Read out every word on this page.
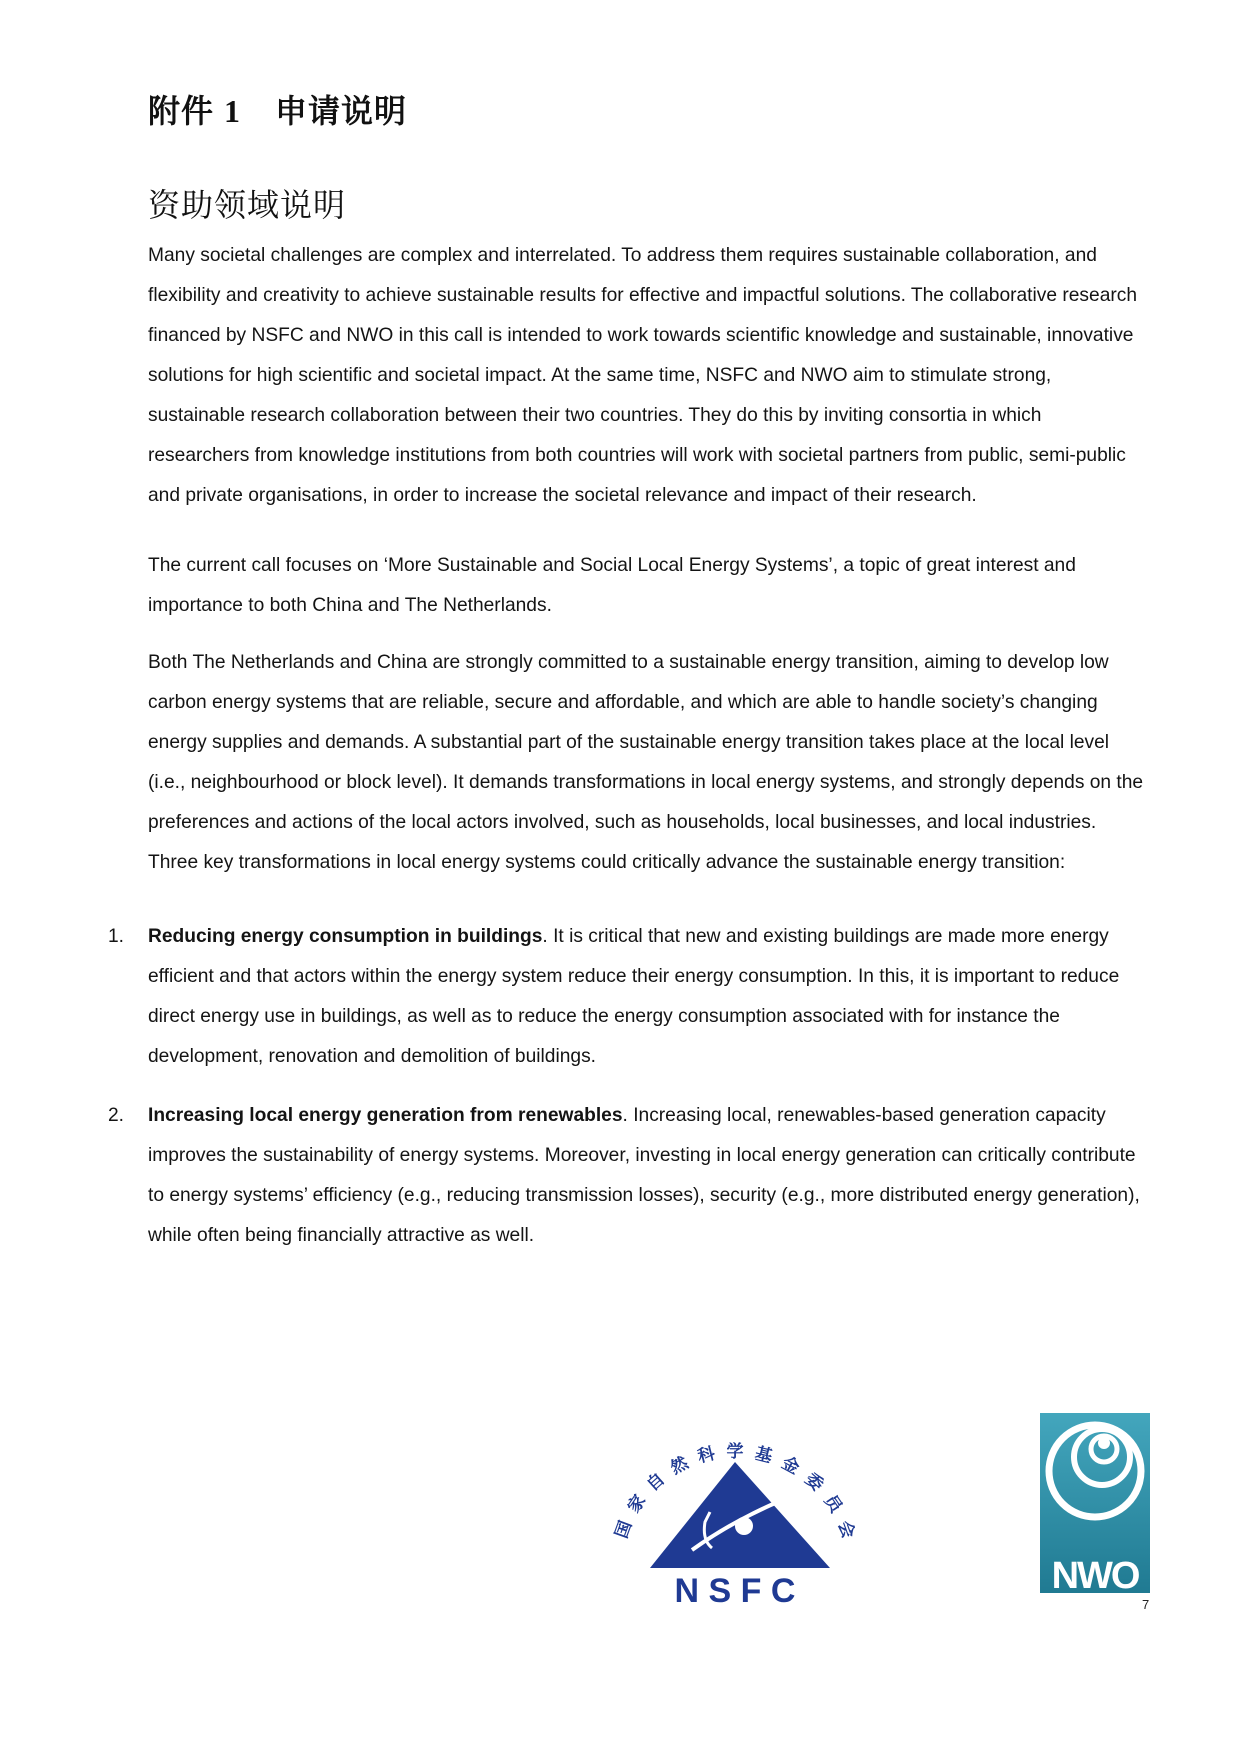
附件 1 申请说明
资助领域说明

Many societal challenges are complex and interrelated. To address them requires sustainable collaboration, and flexibility and creativity to achieve sustainable results for effective and impactful solutions. The collaborative research financed by NSFC and NWO in this call is intended to work towards scientific knowledge and sustainable, innovative solutions for high scientific and societal impact. At the same time, NSFC and NWO aim to stimulate strong, sustainable research collaboration between their two countries. They do this by inviting consortia in which researchers from knowledge institutions from both countries will work with societal partners from public, semi-public and private organisations, in order to increase the societal relevance and impact of their research.

The current call focuses on ‘More Sustainable and Social Local Energy Systems’, a topic of great interest and importance to both China and The Netherlands.

Both The Netherlands and China are strongly committed to a sustainable energy transition, aiming to develop low carbon energy systems that are reliable, secure and affordable, and which are able to handle society’s changing energy supplies and demands. A substantial part of the sustainable energy transition takes place at the local level (i.e., neighbourhood or block level). It demands transformations in local energy systems, and strongly depends on the preferences and actions of the local actors involved, such as households, local businesses, and local industries. Three key transformations in local energy systems could critically advance the sustainable energy transition:

1.	Reducing energy consumption in buildings. It is critical that new and existing buildings are made more energy efficient and that actors within the energy system reduce their energy consumption. In this, it is important to reduce direct energy use in buildings, as well as to reduce the energy consumption associated with for instance the development, renovation and demolition of buildings.
2.	Increasing local energy generation from renewables. Increasing local, renewables-based generation capacity improves the sustainability of energy systems. Moreover, investing in local energy generation can critically contribute to energy systems’ efficiency (e.g., reducing transmission losses), security (e.g., more distributed energy generation), while often being financially attractive as well.
国
家
自
然 科 学 基 金
委
员
会
N S F C	NWO
7
